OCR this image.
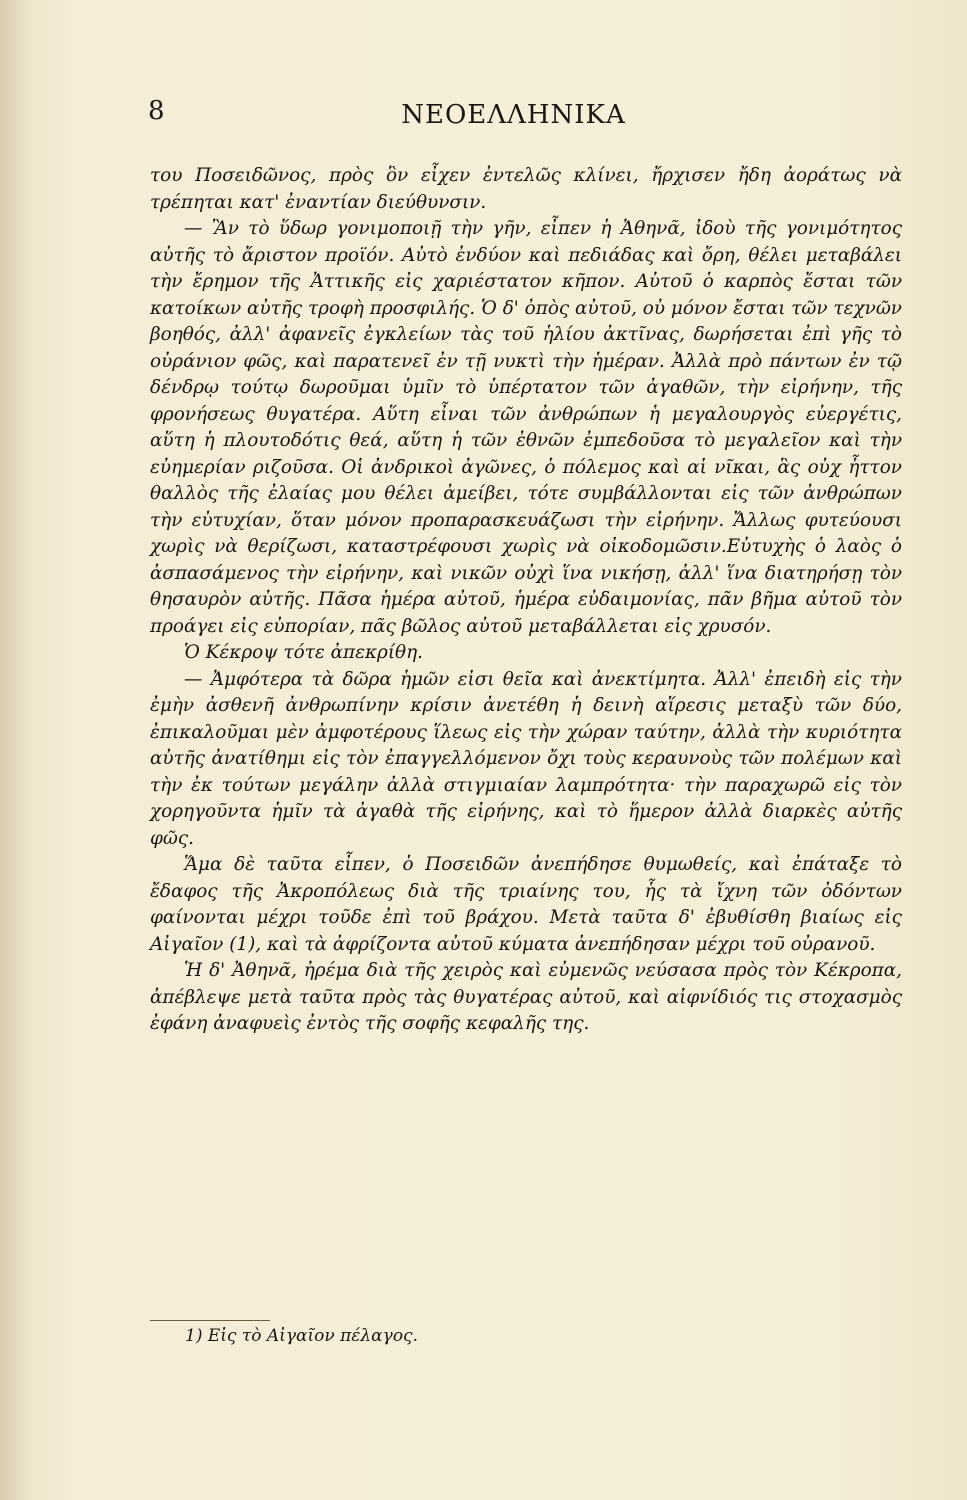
8	ΝΕΟΕΛΛΗΝΙΚΑ

του Ποσειδῶνος, πρὸς ὃν εἶχεν ἐντελῶς κλίνει, ἤρχισεν ἤδη ἀοράτως νὰ τρέπηται κατ' ἐναντίαν διεύθυνσιν.

— Ἂν τὸ ὕδωρ γονιμοποιῇ τὴν γῆν, εἶπεν ἡ Ἀθηνᾶ, ἰδοὺ τῆς γονιμότητος αὐτῆς τὸ ἄριστον προϊόν. Αὐτὸ ἐνδύον καὶ πεδιάδας καὶ ὄρη, θέλει μεταβάλει τὴν ἔρημον τῆς Ἀττικῆς εἰς χαριέστατον κῆπον. Αὐτοῦ ὁ καρπὸς ἔσται τῶν κατοίκων αὐτῆς τροφὴ προσφιλής. Ὁ δ' ὀπὸς αὐτοῦ, οὐ μόνον ἔσται τῶν τεχνῶν βοηθός, ἀλλ' ἀφανεῖς ἐγκλείων τὰς τοῦ ἡλίου ἀκτῖνας, δωρήσεται ἐπὶ γῆς τὸ οὐράνιον φῶς, καὶ παρατενεῖ ἐν τῇ νυκτὶ τὴν ἡμέραν. Ἀλλὰ πρὸ πάντων ἐν τῷ δένδρῳ τούτῳ δωροῦμαι ὑμῖν τὸ ὑπέρτατον τῶν ἀγαθῶν, τὴν εἰρήνην, τῆς φρονήσεως θυγατέρα. Αὕτη εἶναι τῶν ἀνθρώπων ἡ μεγαλουργὸς εὐεργέτις, αὕτη ἡ πλουτοδότις θεά, αὕτη ἡ τῶν ἐθνῶν ἐμπεδοῦσα τὸ μεγαλεῖον καὶ τὴν εὐημερίαν ριζοῦσα. Οἱ ἀνδρικοὶ ἀγῶνες, ὁ πόλεμος καὶ αἱ νῖκαι, ἃς οὐχ ἧττον θαλλὸς τῆς ἐλαίας μου θέλει ἀμείβει, τότε συμβάλλονται εἰς τῶν ἀνθρώπων τὴν εὐτυχίαν, ὅταν μόνον προπαρασκευάζωσι τὴν εἰρήνην. Ἄλλως φυτεύουσι χωρὶς νὰ θερίζωσι, καταστρέφουσι χωρὶς νὰ οἰκοδομῶσιν.Εὐτυχὴς ὁ λαὸς ὁ ἀσπασάμενος τὴν εἰρήνην, καὶ νικῶν οὐχὶ ἵνα νικήσῃ, ἀλλ' ἵνα διατηρήσῃ τὸν θησαυρὸν αὐτῆς. Πᾶσα ἡμέρα αὐτοῦ, ἡμέρα εὐδαιμονίας, πᾶν βῆμα αὐτοῦ τὸν προάγει εἰς εὐπορίαν, πᾶς βῶλος αὐτοῦ μεταβάλλεται εἰς χρυσόν.

Ὁ Κέκροψ τότε ἀπεκρίθη.

— Ἀμφότερα τὰ δῶρα ἡμῶν εἰσι θεῖα καὶ ἀνεκτίμητα. Ἀλλ' ἐπειδὴ εἰς τὴν ἐμὴν ἀσθενῆ ἀνθρωπίνην κρίσιν ἀνετέθη ἡ δεινὴ αἵρεσις μεταξὺ τῶν δύο, ἐπικαλοῦμαι μὲν ἀμφοτέρους ἵλεως εἰς τὴν χώραν ταύτην, ἀλλὰ τὴν κυριότητα αὐτῆς ἀνατίθημι εἰς τὸν ἐπαγγελλόμενον ὄχι τοὺς κεραυνοὺς τῶν πολέμων καὶ τὴν ἐκ τούτων μεγάλην ἀλλὰ στιγμιαίαν λαμπρότητα· τὴν παραχωρῶ εἰς τὸν χορηγοῦντα ἡμῖν τὰ ἀγαθὰ τῆς εἰρήνης, καὶ τὸ ἥμερον ἀλλὰ διαρκὲς αὐτῆς φῶς.

Ἅμα δὲ ταῦτα εἶπεν, ὁ Ποσειδῶν ἀνεπήδησε θυμωθείς, καὶ ἐπάταξε τὸ ἔδαφος τῆς Ἀκροπόλεως διὰ τῆς τριαίνης του, ἧς τὰ ἴχνη τῶν ὀδόντων φαίνονται μέχρι τοῦδε ἐπὶ τοῦ βράχου. Μετὰ ταῦτα δ' ἐβυθίσθη βιαίως εἰς Αἰγαῖον (1), καὶ τὰ ἀφρίζοντα αὐτοῦ κύματα ἀνεπήδησαν μέχρι τοῦ οὐρανοῦ.

Ἡ δ' Ἀθηνᾶ, ἠρέμα διὰ τῆς χειρὸς καὶ εὐμενῶς νεύσασα πρὸς τὸν Κέκροπα, ἀπέβλεψε μετὰ ταῦτα πρὸς τὰς θυγατέρας αὐτοῦ, καὶ αἰφνίδιός τις στοχασμὸς ἐφάνη ἀναφυεὶς ἐντὸς τῆς σοφῆς κεφαλῆς της.

1) Εἰς τὸ Αἰγαῖον πέλαγος.
